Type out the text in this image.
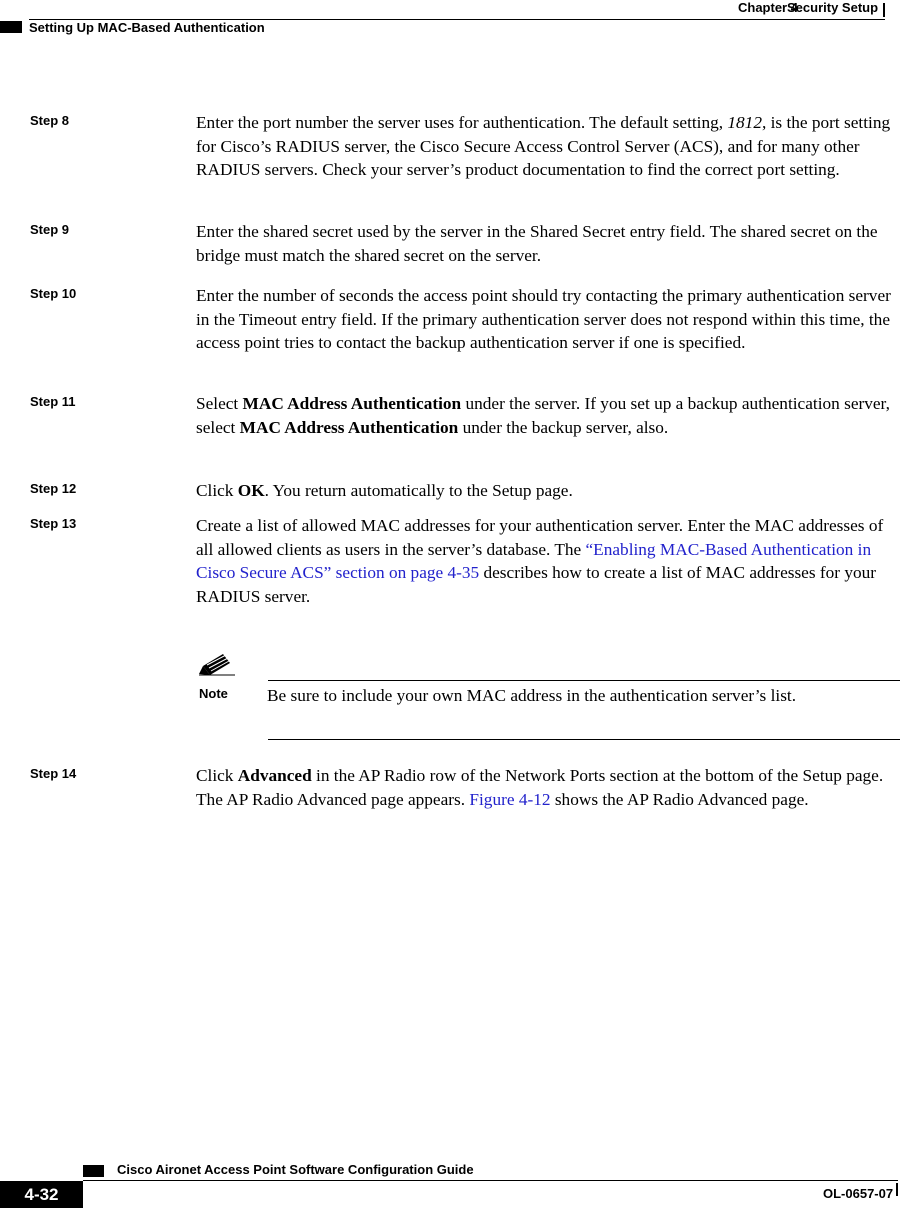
Chapter 4
Security Setup
Setting Up MAC-Based Authentication
Step 8	Enter the port number the server uses for authentication. The default setting, 1812, is the port setting for Cisco’s RADIUS server, the Cisco Secure Access Control Server (ACS), and for many other RADIUS servers. Check your server’s product documentation to find the correct port setting.
Step 9	Enter the shared secret used by the server in the Shared Secret entry field. The shared secret on the bridge must match the shared secret on the server.
Step 10	Enter the number of seconds the access point should try contacting the primary authentication server in the Timeout entry field. If the primary authentication server does not respond within this time, the access point tries to contact the backup authentication server if one is specified.
Step 11	Select MAC Address Authentication under the server. If you set up a backup authentication server, select MAC Address Authentication under the backup server, also.
Step 12	Click OK. You return automatically to the Setup page.
Step 13	Create a list of allowed MAC addresses for your authentication server. Enter the MAC addresses of all allowed clients as users in the server’s database. The “Enabling MAC-Based Authentication in Cisco Secure ACS” section on page 4-35 describes how to create a list of MAC addresses for your RADIUS server.
Note Be sure to include your own MAC address in the authentication server’s list.
Step 14	Click Advanced in the AP Radio row of the Network Ports section at the bottom of the Setup page. The AP Radio Advanced page appears. Figure 4-12 shows the AP Radio Advanced page.
Cisco Aironet Access Point Software Configuration Guide
4-32	OL-0657-07
